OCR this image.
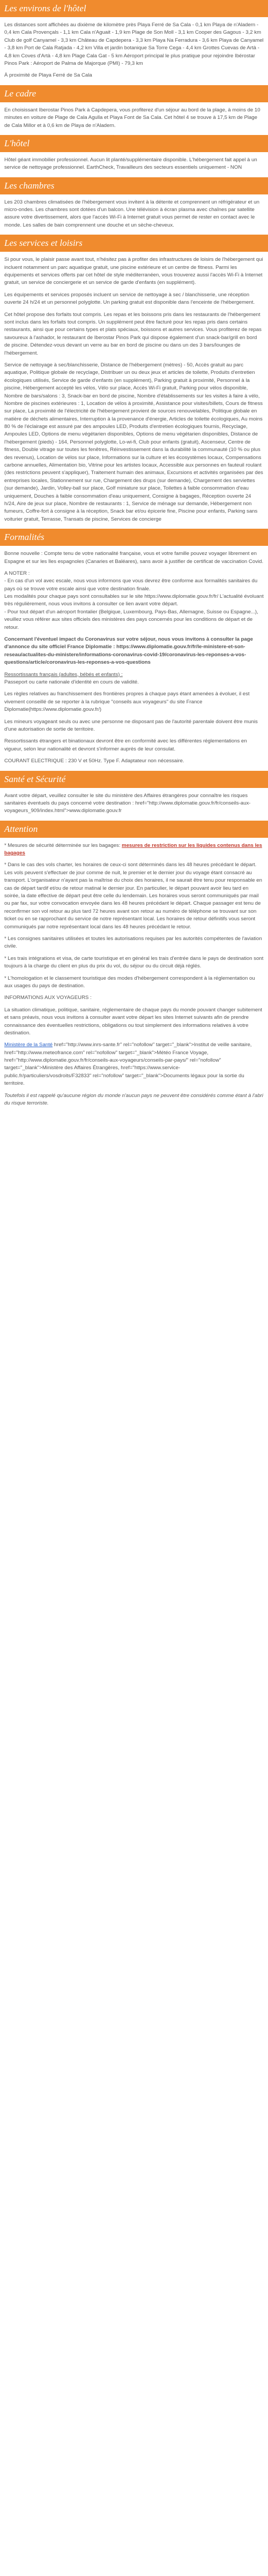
Les environs de l'hôtel

Les distances sont affichées au dixième de kilomètre près Playa Ferré de Sa Cala - 0,1 km Playa de n'Aladern - 0,4 km Cala Provençals - 1,1 km Cala n'Aguait - 1,9 km Plage de Son Moll - 3,1 km Cooper des Gagous - 3,2 km Club de golf Canyamel - 3,3 km Château de Capdepera - 3,3 km Playa Na Ferradura - 3,6 km Playa de Canyamel - 3,8 km Port de Cala Ratjada - 4,2 km Villa et jardin botanique Sa Torre Cega - 4,4 km Grottes Cuevas de Artà - 4,8 km Coves d'Artà - 4,8 km Plage Cala Gat - 5 km Aéroport principal le plus pratique pour rejoindre Ibérostar Pinos Park : Aéroport de Palma de Majorque (PMI) - 79,3 km

À proximité de Playa Ferré de Sa Cala

Le cadre

En choisissant Iberostar Pinos Park à Capdepera, vous profiterez d'un séjour au bord de la plage, à moins de 10 minutes en voiture de Plage de Cala Agulla et Playa Font de Sa Cala. Cet hôtel 4 se trouve à 17,5 km de Plage de Cala Millor et à 0,6 km de Playa de n'Aladern.

L'hôtel

Hôtel géant immobilier professionnel. Aucun lit planté/supplémentaire disponible. L'hébergement fait appel à un service de nettoyage professionnel. EarthCheck, Travailleurs des secteurs essentiels uniquement - NON

Les chambres

Les 203 chambres climatisées de l'hébergement vous invitent à la détente et comprennent un réfrigérateur et un micro-ondes. Les chambres sont dotées d'un balcon. Une télévision à écran plasma avec chaînes par satellite assure votre divertissement, alors que l'accès Wi-Fi à Internet gratuit vous permet de rester en contact avec le monde. Les salles de bain comprennent une douche et un sèche-cheveux.

Les services et loisirs

Si pour vous, le plaisir passe avant tout, n'hésitez pas à profiter des infrastructures de loisirs de l'hébergement qui incluent notamment un parc aquatique gratuit, une piscine extérieure et un centre de fitness. Parmi les équipements et services offerts par cet hôtel de style méditerranéen, vous trouverez aussi l'accès Wi-Fi à Internet gratuit, un service de conciergerie et un service de garde d'enfants (en supplément).

Les équipements et services proposés incluent un service de nettoyage à sec / blanchisserie, une réception ouverte 24 h/24 et un personnel polyglotte. Un parking gratuit est disponible dans l'enceinte de l'hébergement.

Cet hôtel propose des forfaits tout compris. Les repas et les boissons pris dans les restaurants de l'hébergement sont inclus dans les forfaits tout compris. Un supplément peut être facturé pour les repas pris dans certains restaurants, ainsi que pour certains types et plats spéciaux, boissons et autres services. Vous profiterez de repas savoureux à l'ashador, le restaurant de Iberostar Pinos Park qui dispose également d'un snack-bar/grill en bord de piscine. Détendez-vous devant un verre au bar en bord de piscine ou dans un des 3 bars/lounges de l'hébergement.

Service de nettoyage à sec/blanchisserie, Distance de l'hébergement (mètres) - 50, Accès gratuit au parc aquatique, Politique globale de recyclage, Distribuer un ou deux jeux et articles de toilette, Produits d'entretien écologiques utilisés, Service de garde d'enfants (en supplément), Parking gratuit à proximité, Personnel à la piscine, Hébergement accepté les vélos, Vélo sur place, Accès Wi-Fi gratuit, Parking pour vélos disponible, Nombre de bars/salons : 3, Snack-bar en bord de piscine, Nombre d'établissements sur les visites à faire à vélo, Nombre de piscines extérieures : 1, Location de vélos à proximité, Assistance pour visites/billets, Cours de fitness sur place, La proximité de l'électricité de l'hébergement provient de sources renouvelables, Politique globale en matière de déchets alimentaires, Interruption à la provenance d'énergie, Articles de toilette écologiques, Au moins 80 % de l'éclairage est assuré par des ampoules LED, Produits d'entretien écologiques fournis, Recyclage, Ampoules LED, Options de menu végétarien disponibles, Options de menu végétarien disponibles, Distance de l'hébergement (pieds) - 164, Personnel polyglotte, Lo-wi-fi, Club pour enfants (gratuit), Ascenseur, Centre de fitness, Double vitrage sur toutes les fenêtres, Réinvestissement dans la durabilité la communauté (10 % ou plus des revenus), Location de vélos sur place, Informations sur la culture et les écosystèmes locaux, Compensations carbone annuelles, Alimentation bio, Vitrine pour les artistes locaux, Accessible aux personnes en fauteuil roulant (des restrictions peuvent s'appliquer), Traitement humain des animaux, Excursions et activités organisées par des entreprises locales, Stationnement sur rue, Chargement des drups (sur demande), Chargement des serviettes (sur demande), Jardin, Volley-ball sur place, Golf miniature sur place, Toilettes à faible consommation d'eau uniquement, Douches à faible consommation d'eau uniquement, Consigne à bagages, Réception ouverte 24 h/24, Aire de jeux sur place, Nombre de restaurants : 1, Service de ménage sur demande, Hébergement non fumeurs, Coffre-fort à consigne à la réception, Snack bar et/ou épicerie fine, Piscine pour enfants, Parking sans voiturier gratuit, Terrasse, Transats de piscine, Services de concierge

Formalités

Bonne nouvelle : Compte tenu de votre nationalité française, vous et votre famille pouvez voyager librement en Espagne et sur les îles espagnoles (Canaries et Baléares), sans avoir à justifier de certificat de vaccination Covid.

A NOTER :

- En cas d'un vol avec escale, nous vous informons que vous devrez être conforme aux formalités sanitaires du pays où se trouve votre escale ainsi que votre destination finale.

Les modalités pour chaque pays sont consultables sur le site https://www.diplomatie.gouv.fr/fr/ L'actualité évoluant très régulièrement, nous vous invitons à consulter ce lien avant votre départ.

- Pour tout départ d'un aéroport frontalier (Belgique, Luxembourg, Pays-Bas, Allemagne, Suisse ou Espagne...), veuillez vous référer aux sites officiels des ministères des pays concernés pour les conditions de départ et de retour.

Concernant l'éventuel impact du Coronavirus sur votre séjour, nous vous invitons à consulter la page d'annonce du site officiel France Diplomatie : https://www.diplomatie.gouv.fr/fr/le-ministere-et-son-reseau/actualites-du-ministere/informations-coronavirus-covid-19/coronavirus-les-reponses-a-vos-questions/article/coronavirus-les-reponses-a-vos-questions

Ressortissants français (adultes, bébés et enfants) :

Passeport ou carte nationale d'identité en cours de validité.

Les règles relatives au franchissement des frontières propres à chaque pays étant amenées à évoluer, il est vivement conseillé de se reporter à la rubrique "conseils aux voyageurs" du site France Diplomatie(https://www.diplomatie.gouv.fr/)

Les mineurs voyageant seuls ou avec une personne ne disposant pas de l'autorité parentale doivent être munis d'une autorisation de sortie de territoire.

Ressortissants étrangers et binationaux devront être en conformité avec les différentes réglementations en vigueur, selon leur nationalité et devront s'informer auprès de leur consulat.

COURANT ELECTRIQUE : 230 V et 50Hz. Type F. Adaptateur non nécessaire.

Santé et Sécurité

Avant votre départ, veuillez consulter le site du ministère des Affaires étrangères pour connaître les risques sanitaires éventuels du pays concerné votre destination : href="http://www.diplomatie.gouv.fr/fr/conseils-aux-voyageurs_909/index.html">www.diplomatie.gouv.fr

Attention

* Mesures de sécurité déterminée sur les bagages: mesures de restriction sur les liquides contenus dans les bagages

* Dans le cas des vols charter, les horaires de ceux-ci sont déterminés dans les 48 heures précédant le départ. Les vols peuvent s'effectuer de jour comme de nuit, le premier et le dernier jour du voyage étant consacré au transport. L'organisateur n'ayant pas la maîtrise du choix des horaires, il ne saurait être tenu pour responsable en cas de départ tardif et/ou de retour matinal le dernier jour. En particulier, le départ pouvant avoir lieu tard en soirée, la date effective de départ peut être celle du lendemain. Les horaires vous seront communiqués par mail ou par fax, sur votre convocation envoyée dans les 48 heures précédant le départ. Chaque passager est tenu de reconfirmer son vol retour au plus tard 72 heures avant son retour au numéro de téléphone se trouvant sur son ticket ou en se rapprochant du service de notre représentant local. Les horaires de retour définitifs vous seront communiqués par notre représentant local dans les 48 heures précédant le retour.

* Les consignes sanitaires utilisées et toutes les autorisations requises par les autorités compétentes de l'aviation civile.

* Les trais intégrations et visa, de carte touristique et en général les trais d'entrée dans le pays de destination sont toujours à la charge du client en plus du prix du vol, du séjour ou du circuit déjà réglés.

* L'homologation et le classement touristique des modes d'hébergement correspondent à la réglementation ou aux usages du pays de destination.

INFORMATIONS AUX VOYAGEURS :

La situation climatique, politique, sanitaire, réglementaire de chaque pays du monde pouvant changer subitement et sans préavis, nous vous invitons à consulter avant votre départ les sites Internet suivants afin de prendre connaissance des éventuelles restrictions, obligations ou tout simplement des informations relatives à votre destination.

Ministère de la Santé href="http://www.inrs-sante.fr" rel="nofollow" target="_blank">Institut de veille sanitaire, href="http://www.meteofrance.com" rel="nofollow" target="_blank">Météo France Voyage, href="http://www.diplomatie.gouv.fr/fr/conseils-aux-voyageurs/conseils-par-pays/" rel="nofollow" target="_blank">Ministère des Affaires Étrangères, href="https://www.service-public.fr/particuliers/vosdroits/F32833" rel="nofollow" target="_blank">Documents légaux pour la sortie du territoire.

Toutefois il est rappelé qu'aucune région du monde n'aucun pays ne peuvent être considérés comme étant à l'abri du risque terroriste.
